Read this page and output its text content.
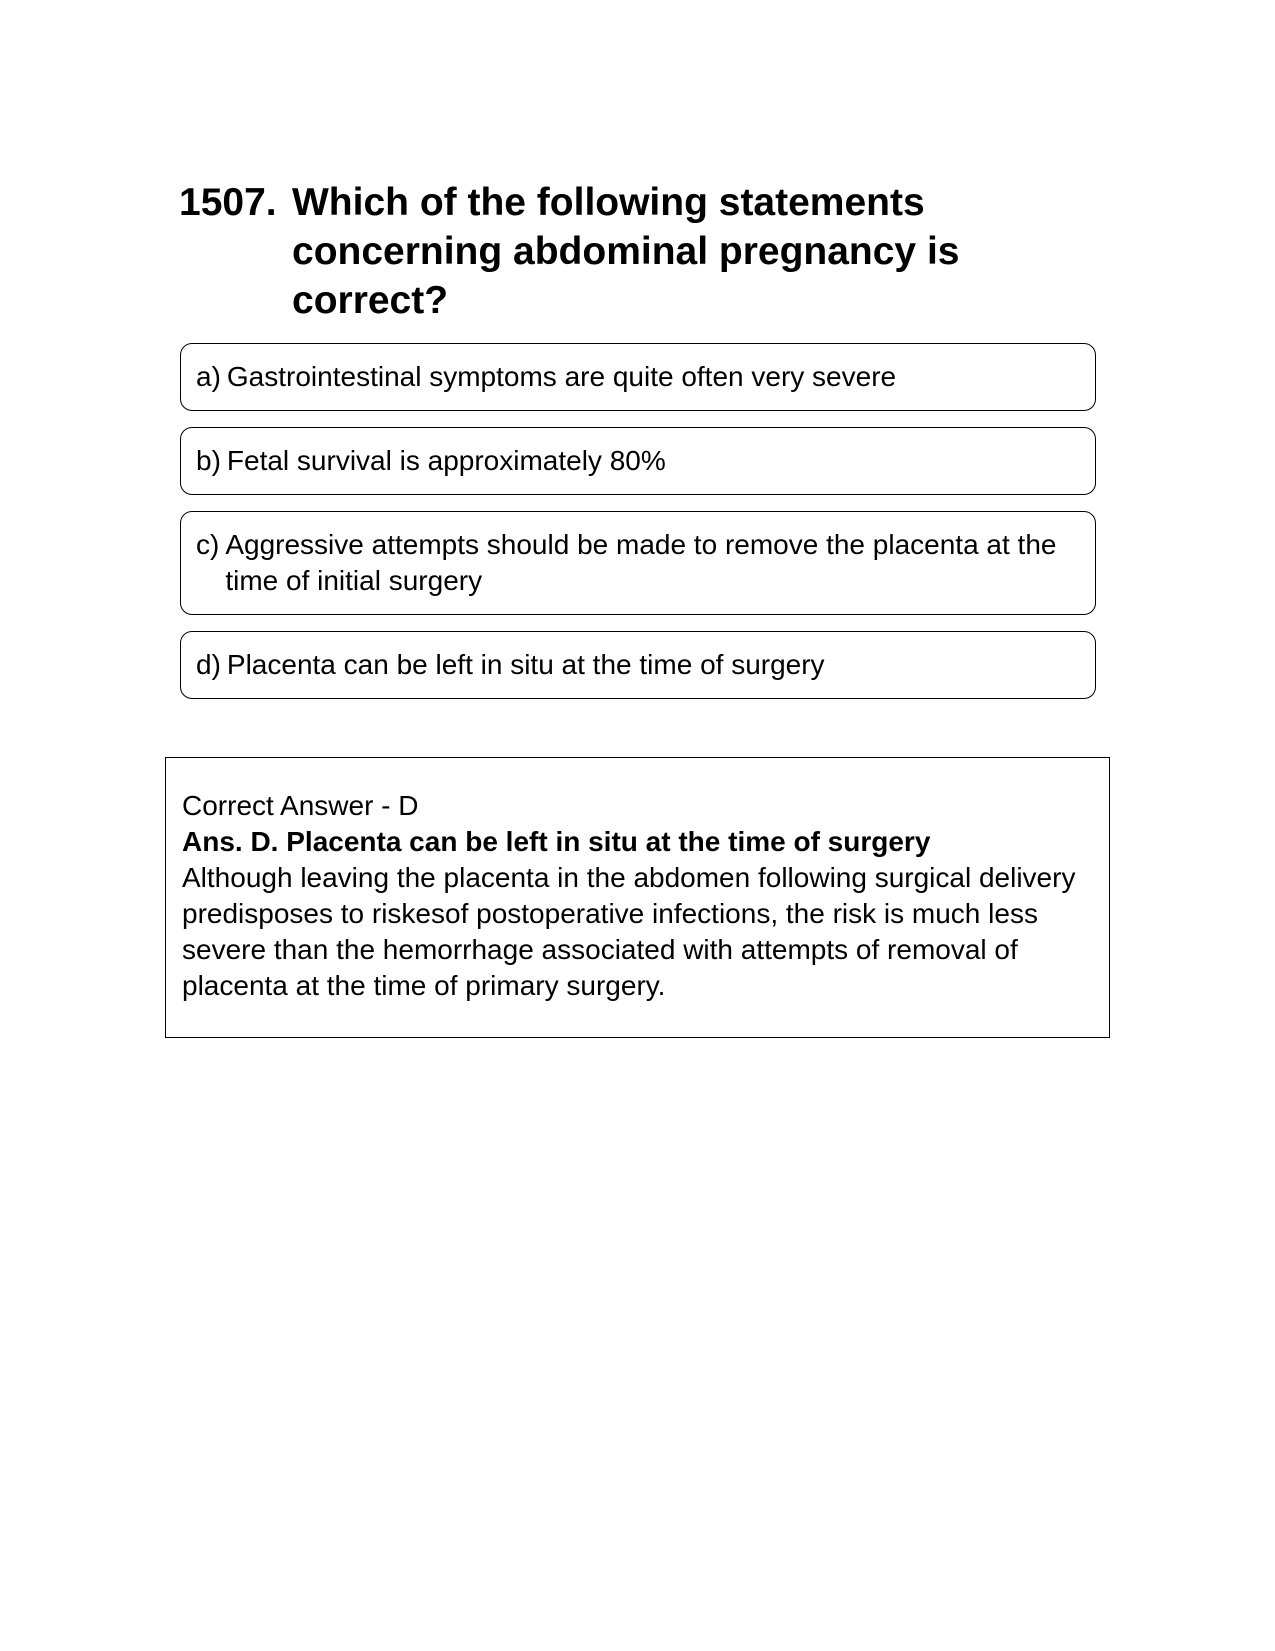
1507. Which of the following statements concerning abdominal pregnancy is correct?
a) Gastrointestinal symptoms are quite often very severe
b) Fetal survival is approximately 80%
c) Aggressive attempts should be made to remove the placenta at the time of initial surgery
d) Placenta can be left in situ at the time of surgery

Correct Answer - D

Ans. D. Placenta can be left in situ at the time of surgery

Although leaving the placenta in the abdomen following surgical delivery predisposes to riskesof postoperative infections, the risk is much less severe than the hemorrhage associated with attempts of removal of placenta at the time of primary surgery.
